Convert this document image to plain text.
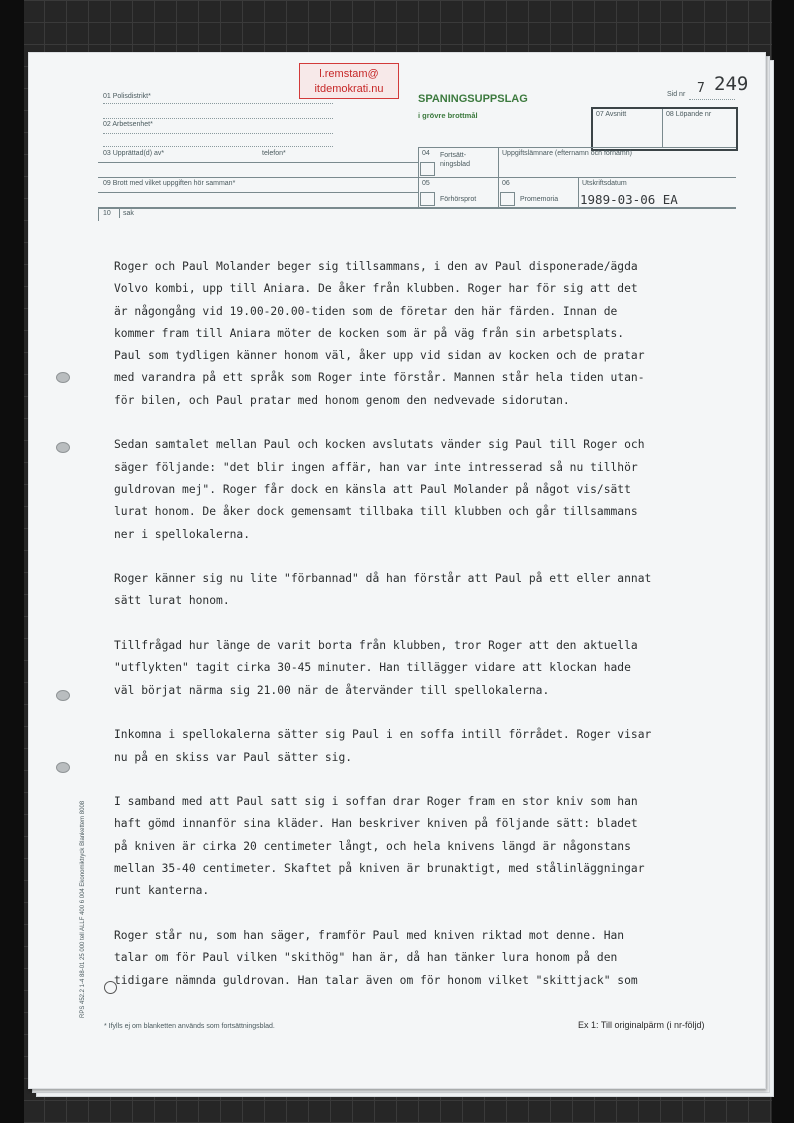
l.remstam@
itdemokrati.nu
SPANINGSUPPSLAG
i grövre brottmål
Sid nr 7 249
01 Polisdistrikt*
02 Arbetsenhet*
03 Upprättad(d) av*	telefon*
07 Avsnitt	08 Löpande nr
04 Fortsätt-
ningsblad
Uppgiftslämnare (efternamn och förnamn)
09 Brott med vilket uppgiften hör samman*	05
Förhörsprot
06
Promemoria
Utskriftsdatum
1989-03-06 EA
10 sak
Roger och Paul Molander beger sig tillsammans, i den av Paul disponerade/ägda
Volvo kombi, upp till Aniara. De åker från klubben. Roger har för sig att det
är någongång vid 19.00-20.00-tiden som de företar den här färden. Innan de
kommer fram till Aniara möter de kocken som är på väg från sin arbetsplats.
Paul som tydligen känner honom väl, åker upp vid sidan av kocken och de pratar
med varandra på ett språk som Roger inte förstår. Mannen står hela tiden utan-
för bilen, och Paul pratar med honom genom den nedvevade sidorutan.
Sedan samtalet mellan Paul och kocken avslutats vänder sig Paul till Roger och
säger följande: "det blir ingen affär, han var inte intresserad så nu tillhör
guldrovan mej". Roger får dock en känsla att Paul Molander på något vis/sätt
lurat honom. De åker dock gemensamt tillbaka till klubben och går tillsammans
ner i spellokalerna.
Roger känner sig nu lite "förbannad" då han förstår att Paul på ett eller annat
sätt lurat honom.
Tillfrågad hur länge de varit borta från klubben, tror Roger att den aktuella
"utflykten" tagit cirka 30-45 minuter. Han tillägger vidare att klockan hade
väl börjat närma sig 21.00 när de återvänder till spellokalerna.
Inkomna i spellokalerna sätter sig Paul i en soffa intill förrådet. Roger visar
nu på en skiss var Paul sätter sig.
I samband med att Paul satt sig i soffan drar Roger fram en stor kniv som han
haft gömd innanför sina kläder. Han beskriver kniven på följande sätt: bladet
på kniven är cirka 20 centimeter långt, och hela knivens längd är någonstans
mellan 35-40 centimeter. Skaftet på kniven är brunaktigt, med stålinläggningar
runt kanterna.
Roger står nu, som han säger, framför Paul med kniven riktad mot denne. Han
talar om för Paul vilken "skithög" han är, då han tänker lura honom på den
tidigare nämnda guldrovan. Han talar även om för honom vilket "skittjack" som
RPS 452.2 1-4 88-01 25 000 tell ALLF 400 6 004 Ekonomiktryck Blankettem 8008
* Ifylls ej om blanketten används som fortsättningsblad.	Ex 1: Till originalpärm (i nr-följd)
